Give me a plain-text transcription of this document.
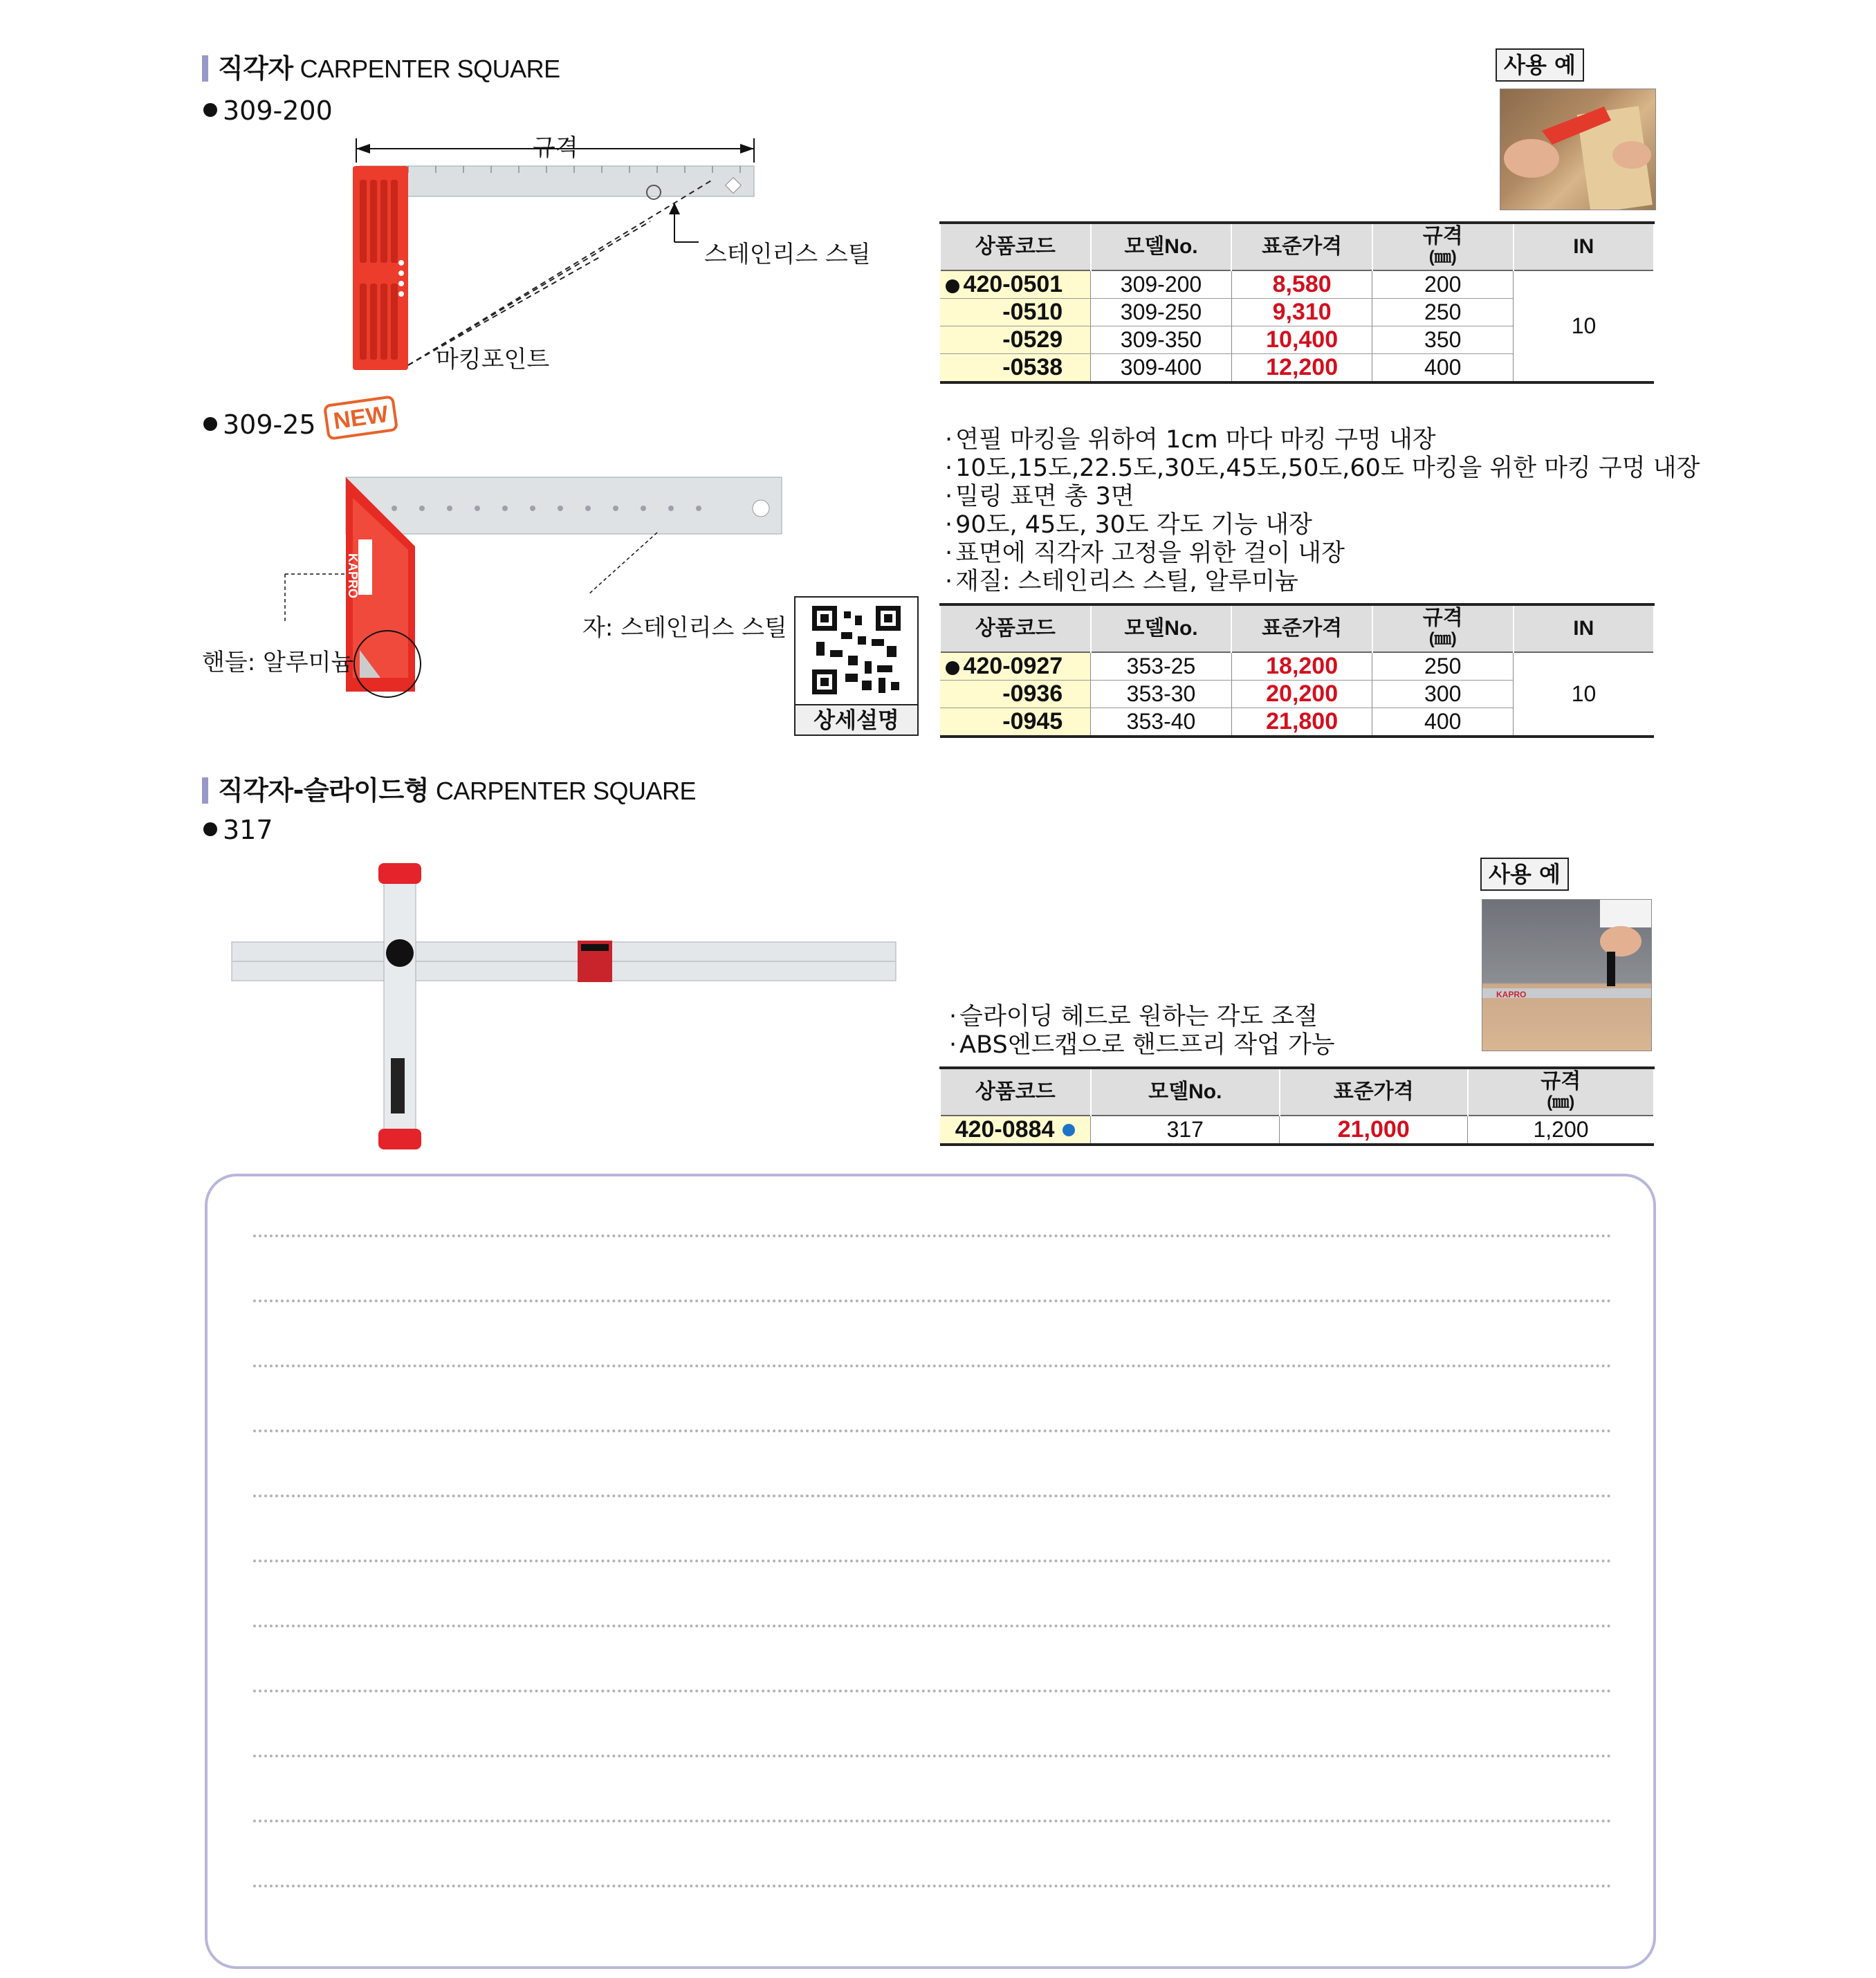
직각자 CARPENTER SQUARE
309-200
규격
스테인리스 스틸
마킹포인트
사용 예
상품코드	모델No.	표준가격	규격
(㎜)	IN
420-0501	309-200	8,580	200	10
-0510	309-250	9,310	250	
-0529	309-350	10,400	350	
-0538	309-400	12,200	400	
309-25 NEW
KAPRO
핸들: 알루미늄
자: 스테인리스 스틸
상세설명
· 연필 마킹을 위하여 1cm 마다 마킹 구멍 내장
· 10도,15도,22.5도,30도,45도,50도,60도 마킹을 위한 마킹 구멍 내장
· 밀링 표면 총 3면
· 90도, 45도, 30도 각도 기능 내장
· 표면에 직각자 고정을 위한 걸이 내장
· 재질: 스테인리스 스틸, 알루미늄
상품코드	모델No.	표준가격	규격
(㎜)	IN
420-0927	353-25	18,200	250	10
-0936	353-30	20,200	300	
-0945	353-40	21,800	400	
직각자-슬라이드형 CARPENTER SQUARE
317
사용 예
KAPRO
· 슬라이딩 헤드로 원하는 각도 조절
· ABS엔드캡으로 핸드프리 작업 가능
상품코드	모델No.	표준가격	규격
(㎜)
420-0884	317	21,000	1,200
